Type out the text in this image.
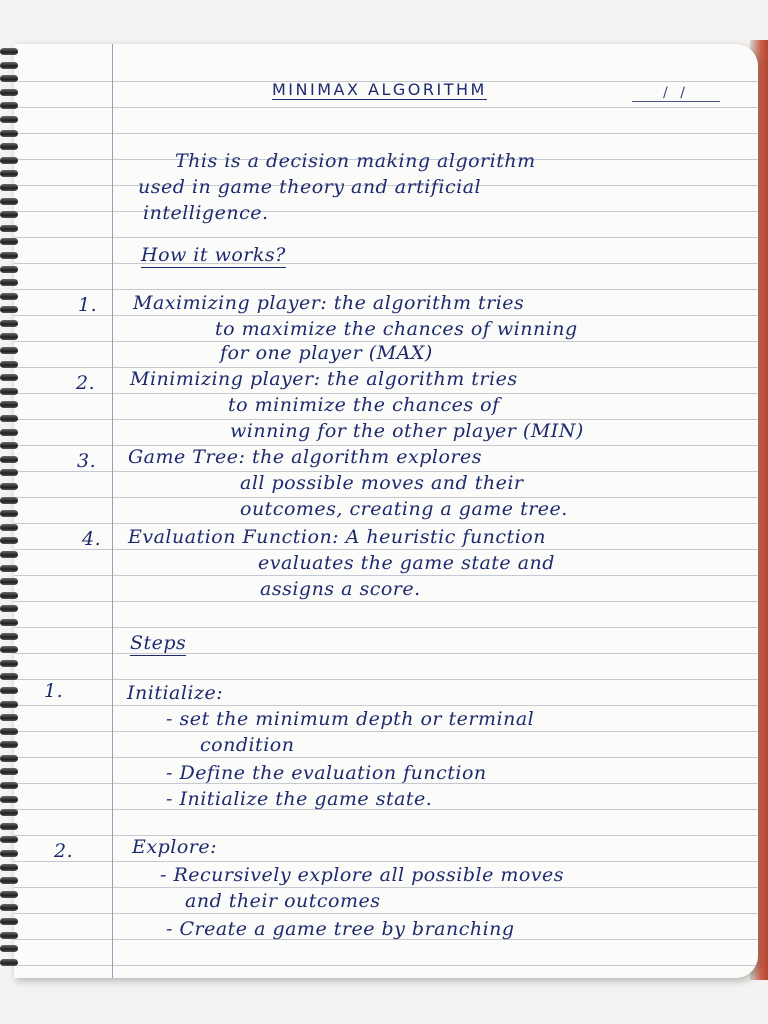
MINIMAX ALGORITHM	/ /
This is a decision making algorithm
used in game theory and artificial
intelligence.
How it works?
1. Maximizing player: the algorithm tries
to maximize the chances of winning
for one player (MAX)
2. Minimizing player: the algorithm tries
to minimize the chances of
winning for the other player (MIN)
3. Game Tree: the algorithm explores
all possible moves and their
outcomes, creating a game tree.
4. Evaluation Function: A heuristic function
evaluates the game state and
assigns a score.
Steps
1.	Initialize:
- set the minimum depth or terminal
condition
- Define the evaluation function
- Initialize the game state.
2.	Explore:
- Recursively explore all possible moves
and their outcomes
- Create a game tree by branching
